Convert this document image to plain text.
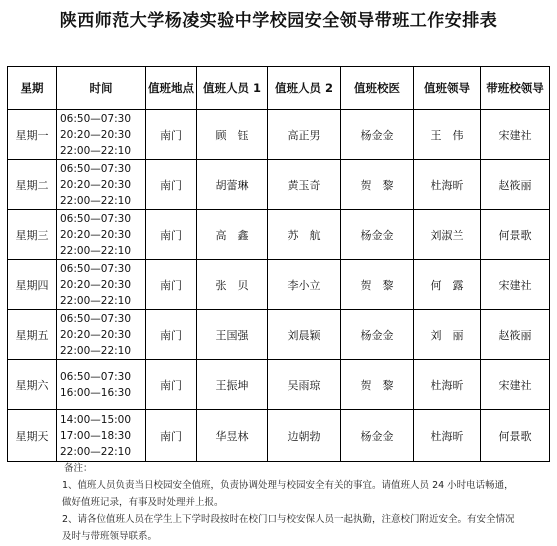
陕西师范大学杨凌实验中学校园安全领导带班工作安排表
星期	时间	值班地点	值班人员 1	值班人员 2	值班校医	值班领导	带班校领导
星期一	06:50—07:30
20:20—20:30
22:00—22:10	南门	顾　钰	高正男	杨金金	王　伟	宋建社
星期二	06:50—07:30
20:20—20:30
22:00—22:10	南门	胡蕾琳	黄玉奇	贺　黎	杜海昕	赵筱丽
星期三	06:50—07:30
20:20—20:30
22:00—22:10	南门	高　鑫	苏　航	杨金金	刘淑兰	何景歌
星期四	06:50—07:30
20:20—20:30
22:00—22:10	南门	张　贝	李小立	贺　黎	何　露	宋建社
星期五	06:50—07:30
20:20—20:30
22:00—22:10	南门	王国强	刘晨颖	杨金金	刘　丽	赵筱丽
星期六	06:50—07:30
16:00—16:30	南门	王振坤	吴雨琼	贺　黎	杜海昕	宋建社
星期天	14:00—15:00
17:00—18:30
22:00—22:10	南门	华昱林	边朝勃	杨金金	杜海昕	何景歌

备注：

1、值班人员负责当日校园安全值班，负责协调处理与校园安全有关的事宜。请值班人员 24 小时电话畅通，做好值班记录，有事及时处理并上报。

2、请各位值班人员在学生上下学时段按时在校门口与校安保人员一起执勤，注意校门附近安全。有安全情况及时与带班领导联系。
